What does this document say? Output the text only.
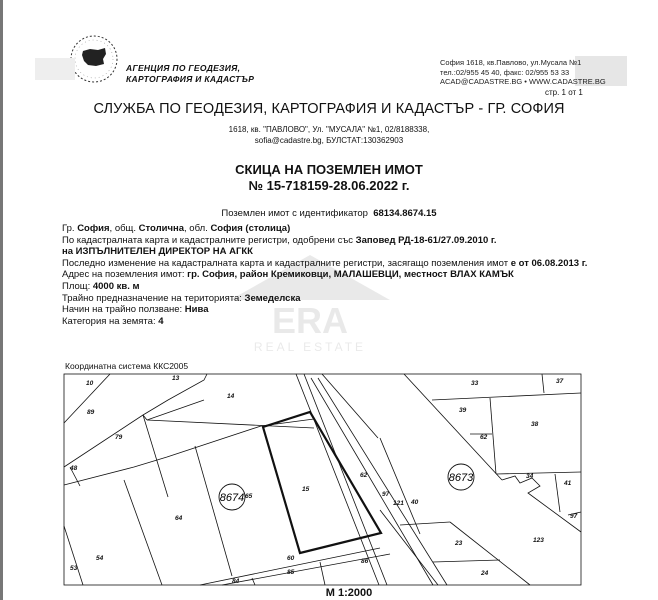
АГЕНЦИЯ ПО ГЕОДЕЗИЯ,
КАРТОГРАФИЯ И КАДАСТЪР
София 1618, кв.Павлово, ул.Мусала №1
тел.:02/955 45 40, факс: 02/955 53 33
ACAD@CADASTRE.BG • WWW.CADASTRE.BG
стр. 1 от 1
СЛУЖБА ПО ГЕОДЕЗИЯ, КАРТОГРАФИЯ И КАДАСТЪР - ГР. СОФИЯ
1618, кв. "ПАВЛОВО", Ул. "МУСАЛА" №1, 02/8188338,
sofia@cadastre.bg, БУЛСТАТ:130362903
СКИЦА НА ПОЗЕМЛЕН ИМОТ
№ 15-718159-28.06.2022 г.
Поземлен имот с идентификатор 68134.8674.15
ERA
REAL ESTATE
Гр. София, общ. Столична, обл. София (столица)
По кадастралната карта и кадастралните регистри, одобрени със Заповед РД-18-61/27.09.2010 г.
на ИЗПЪЛНИТЕЛЕН ДИРЕКТОР НА АГКК
Последно изменение на кадастралната карта и кадастралните регистри, засягащо поземления имот е от 06.08.2013 г.
Адрес на поземления имот: гр. София, район Кремиковци, МАЛАШЕВЦИ, местност ВЛАХ КАМЪК
Площ: 4000 кв. м
Трайно предназначение на територията: Земеделска
Начин на трайно ползване: Нива
Категория на земята: 4
Координатна система ККС2005
8674
8673
10
13
14
89
79
48
54
53
64
65
15
60
84
85
86
62
97
121 40
23
24
123
33	37
39
38
62
34
41
97
М 1:2000
